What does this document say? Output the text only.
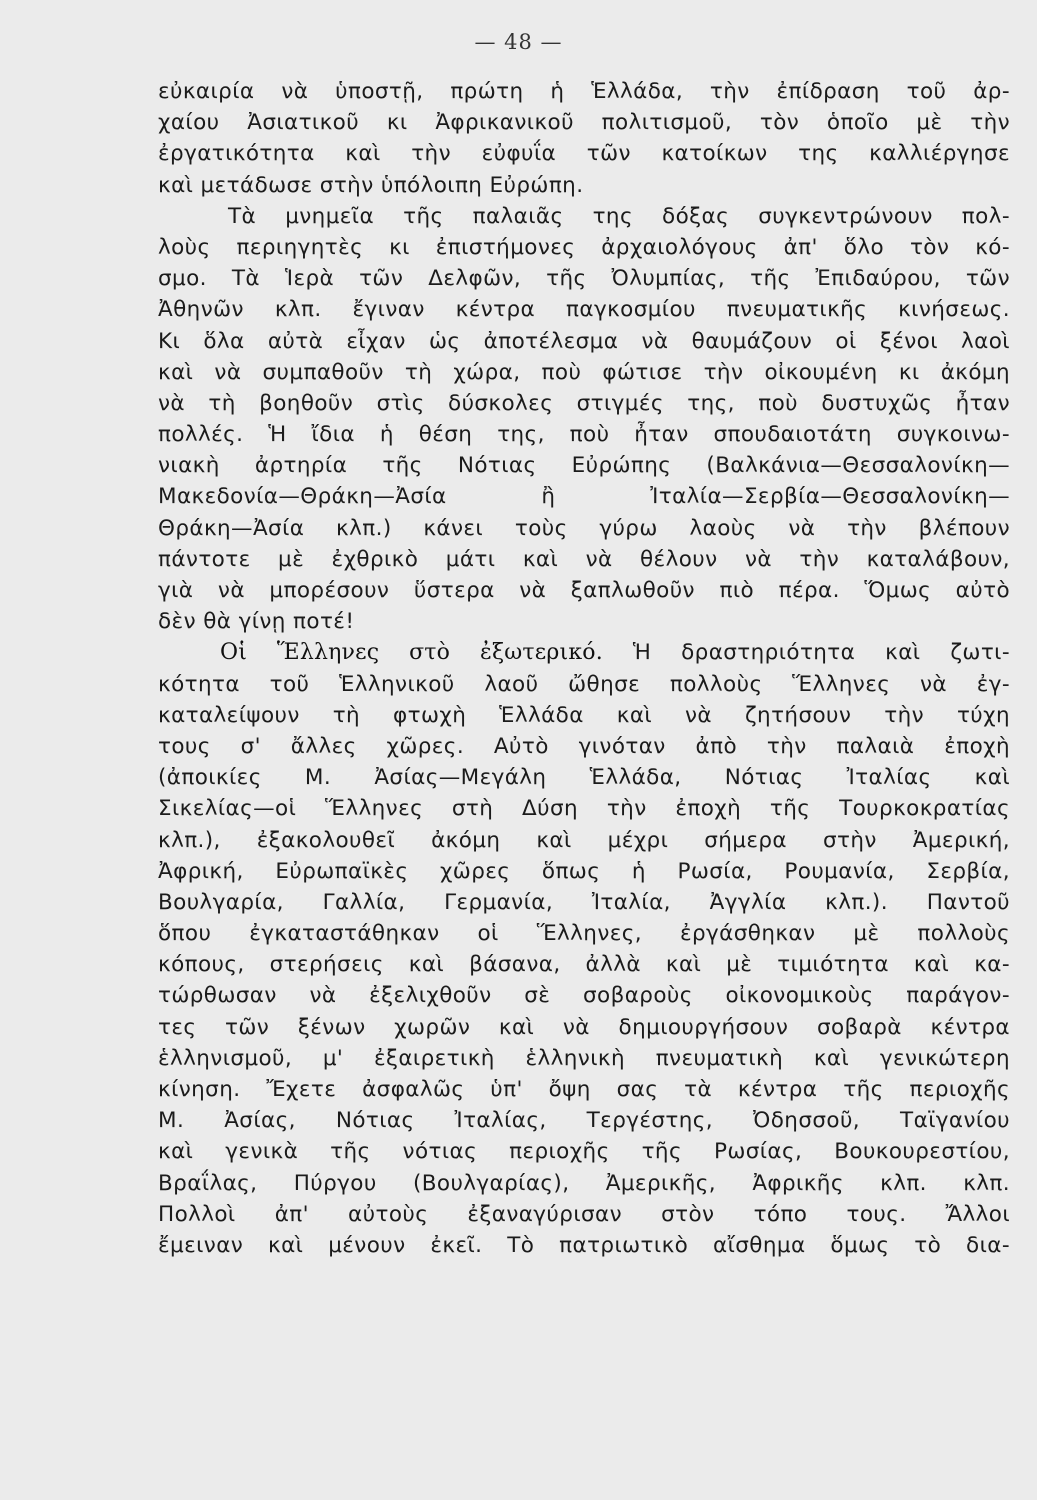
— 48 —
εὐκαιρία νὰ ὑποστῇ, πρώτη ἡ Ἑλλάδα, τὴν ἐπίδραση τοῦ ἀρ-
χαίου Ἀσιατικοῦ κι Ἀφρικανικοῦ πολιτισμοῦ, τὸν ὁποῖο μὲ τὴν
ἐργατικότητα καὶ τὴν εὐφυΐα τῶν κατοίκων της καλλιέργησε
καὶ μετάδωσε στὴν ὑπόλοιπη Εὐρώπη.
Τὰ μνημεῖα τῆς παλαιᾶς της δόξας συγκεντρώνουν πολ-
λοὺς περιηγητὲς κι ἐπιστήμονες ἀρχαιολόγους ἀπ' ὅλο τὸν κό-
σμο. Τὰ Ἱερὰ τῶν Δελφῶν, τῆς Ὀλυμπίας, τῆς Ἐπιδαύρου, τῶν
Ἀθηνῶν κλπ. ἔγιναν κέντρα παγκοσμίου πνευματικῆς κινήσεως.
Κι ὅλα αὐτὰ εἶχαν ὡς ἀποτέλεσμα νὰ θαυμάζουν οἱ ξένοι λαοὶ
καὶ νὰ συμπαθοῦν τὴ χώρα, ποὺ φώτισε τὴν οἰκουμένη κι ἀκόμη
νὰ τὴ βοηθοῦν στὶς δύσκολες στιγμές της, ποὺ δυστυχῶς ἦταν
πολλές. Ἡ ἴδια ἡ θέση της, ποὺ ἦταν σπουδαιοτάτη συγκοινω-
νιακὴ ἀρτηρία τῆς Νότιας Εὐρώπης (Βαλκάνια—Θεσσαλονίκη—
Μακεδονία—Θράκη—Ἀσία ἢ Ἰταλία—Σερβία—Θεσσαλονίκη—
Θράκη—Ἀσία κλπ.) κάνει τοὺς γύρω λαοὺς νὰ τὴν βλέπουν
πάντοτε μὲ ἐχθρικὸ μάτι καὶ νὰ θέλουν νὰ τὴν καταλάβουν,
γιὰ νὰ μπορέσουν ὕστερα νὰ ξαπλωθοῦν πιὸ πέρα. Ὅμως αὐτὸ
δὲν θὰ γίνῃ ποτέ!
Οἱ Ἕλληνες στὸ ἐξωτερικό. Ἡ δραστηριότητα καὶ ζωτι-
κότητα τοῦ Ἑλληνικοῦ λαοῦ ὤθησε πολλοὺς Ἕλληνες νὰ ἐγ-
καταλείψουν τὴ φτωχὴ Ἑλλάδα καὶ νὰ ζητήσουν τὴν τύχη
τους σ' ἄλλες χῶρες. Αὐτὸ γινόταν ἀπὸ τὴν παλαιὰ ἐποχὴ
(ἀποικίες Μ. Ἀσίας—Μεγάλη Ἑλλάδα, Νότιας Ἰταλίας καὶ
Σικελίας—οἱ Ἕλληνες στὴ Δύση τὴν ἐποχὴ τῆς Τουρκοκρατίας
κλπ.), ἐξακολουθεῖ ἀκόμη καὶ μέχρι σήμερα στὴν Ἀμερική,
Ἀφρική, Εὐρωπαϊκὲς χῶρες ὅπως ἡ Ρωσία, Ρουμανία, Σερβία,
Βουλγαρία, Γαλλία, Γερμανία, Ἰταλία, Ἀγγλία κλπ.). Παντοῦ
ὅπου ἐγκαταστάθηκαν οἱ Ἕλληνες, ἐργάσθηκαν μὲ πολλοὺς
κόπους, στερήσεις καὶ βάσανα, ἀλλὰ καὶ μὲ τιμιότητα καὶ κα-
τώρθωσαν νὰ ἐξελιχθοῦν σὲ σοβαροὺς οἰκονομικοὺς παράγον-
τες τῶν ξένων χωρῶν καὶ νὰ δημιουργήσουν σοβαρὰ κέντρα
ἑλληνισμοῦ, μ' ἐξαιρετικὴ ἑλληνικὴ πνευματικὴ καὶ γενικώτερη
κίνηση. Ἔχετε ἀσφαλῶς ὑπ' ὄψη σας τὰ κέντρα τῆς περιοχῆς
Μ. Ἀσίας, Νότιας Ἰταλίας, Τεργέστης, Ὀδησσοῦ, Ταϊγανίου
καὶ γενικὰ τῆς νότιας περιοχῆς τῆς Ρωσίας, Βουκουρεστίου,
Βραΐλας, Πύργου (Βουλγαρίας), Ἀμερικῆς, Ἀφρικῆς κλπ. κλπ.
Πολλοὶ ἀπ' αὐτοὺς ἐξαναγύρισαν στὸν τόπο τους. Ἄλλοι
ἔμειναν καὶ μένουν ἐκεῖ. Τὸ πατριωτικὸ αἴσθημα ὅμως τὸ δια-
